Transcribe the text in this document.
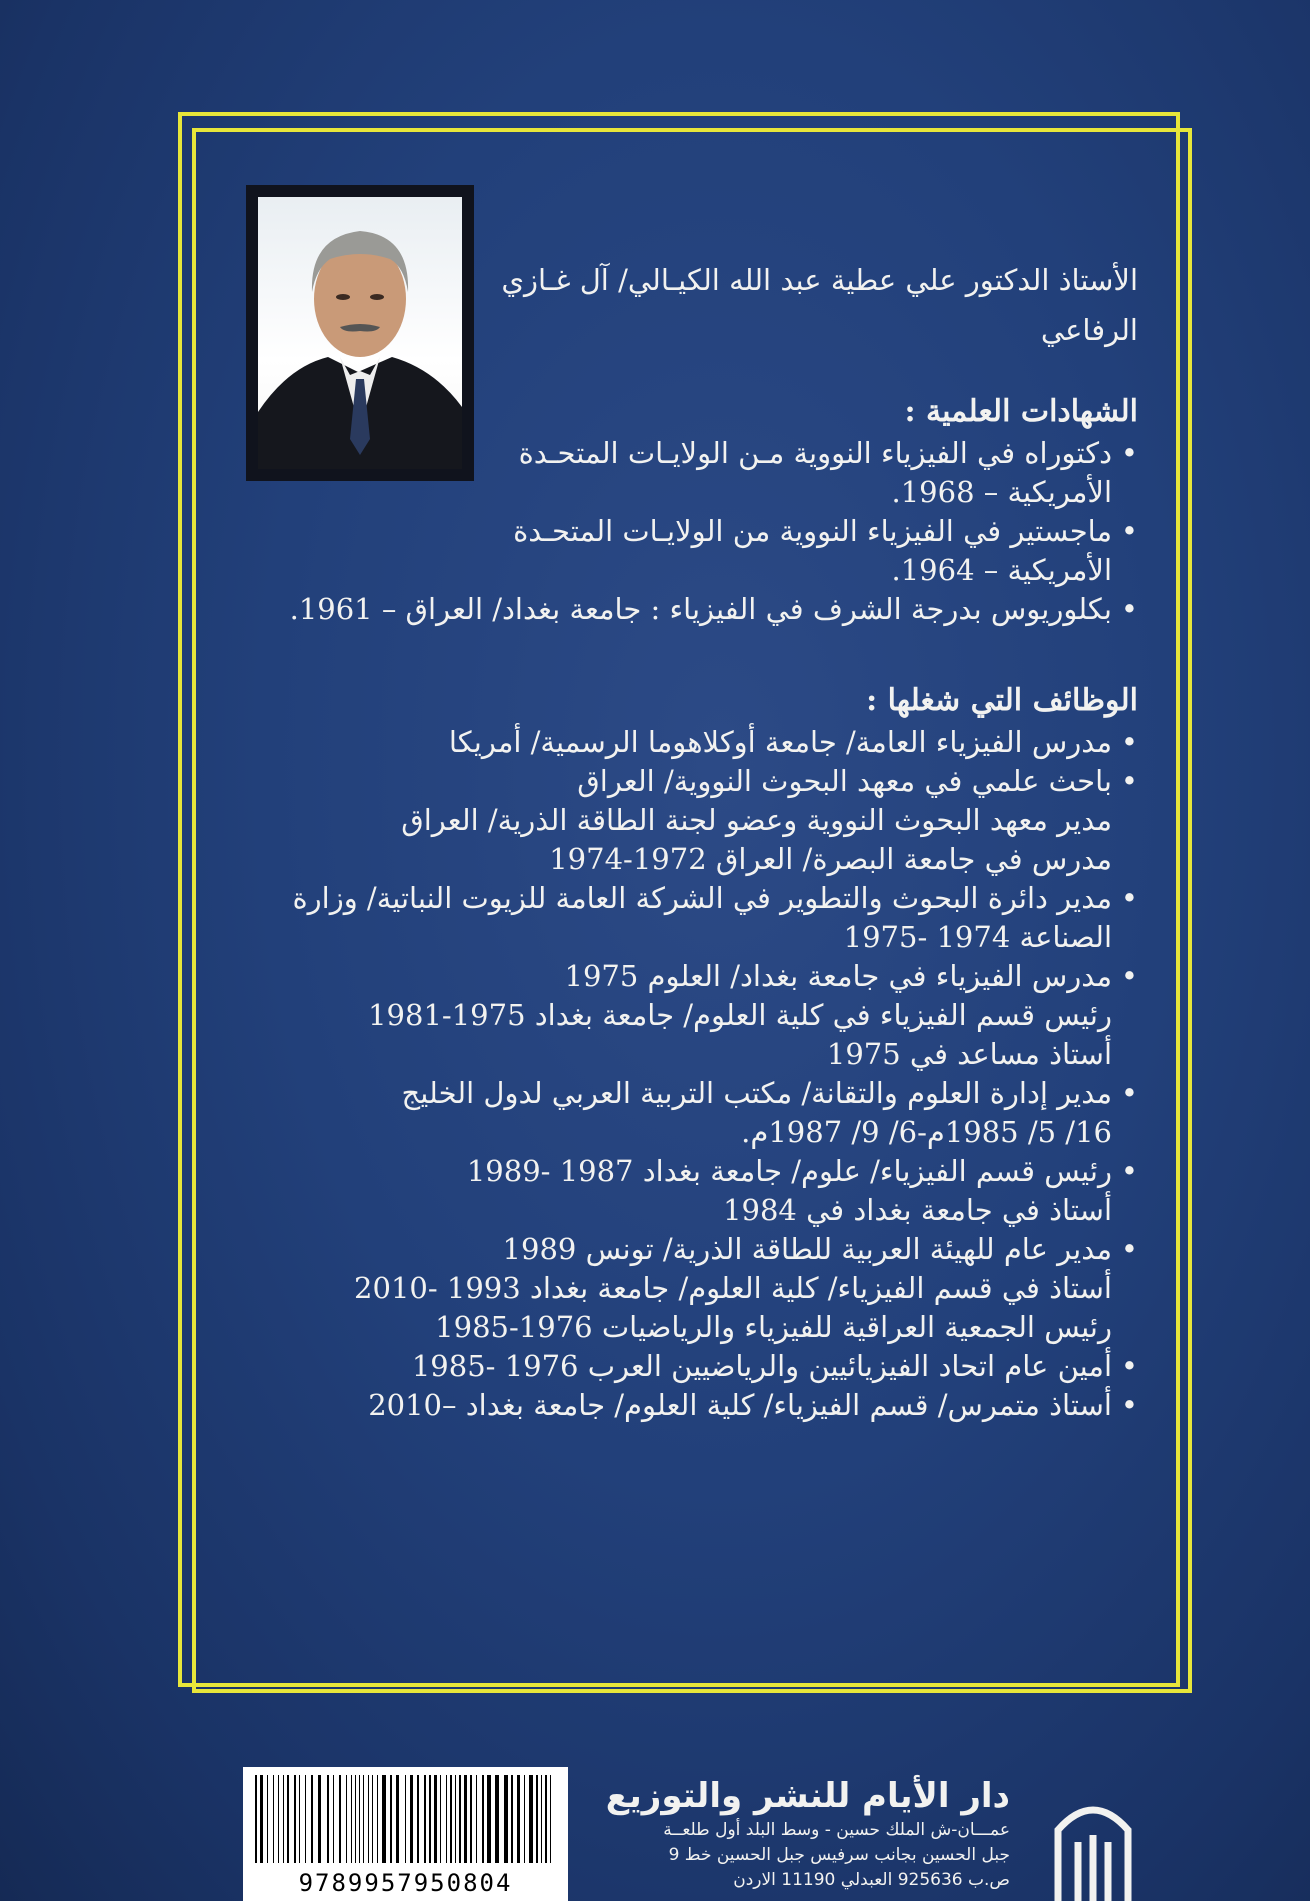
الأستاذ الدكتور علي عطية عبد الله الكيـالي/ آل غـازي
الرفاعي
الشهادات العلمية :
• دكتوراه في الفيزياء النووية مـن الولايـات المتحـدة
الأمريكية – 1968.
• ماجستير في الفيزياء النووية من الولايـات المتحـدة
الأمريكية – 1964.
• بكلوريوس بدرجة الشرف في الفيزياء : جامعة بغداد/ العراق – 1961.
الوظائف التي شغلها :
• مدرس الفيزياء العامة/ جامعة أوكلاهوما الرسمية/ أمريكا
• باحث علمي في معهد البحوث النووية/ العراق
مدير معهد البحوث النووية وعضو لجنة الطاقة الذرية/ العراق
مدرس في جامعة البصرة/ العراق 1972-1974
• مدير دائرة البحوث والتطوير في الشركة العامة للزيوت النباتية/ وزارة
الصناعة 1974 -1975
• مدرس الفيزياء في جامعة بغداد/ العلوم 1975
رئيس قسم الفيزياء في كلية العلوم/ جامعة بغداد 1975-1981
أستاذ مساعد في 1975
• مدير إدارة العلوم والتقانة/ مكتب التربية العربي لدول الخليج
16/ 5/ 1985م-6/ 9/ 1987م.
• رئيس قسم الفيزياء/ علوم/ جامعة بغداد 1987 -1989
أستاذ في جامعة بغداد في 1984
• مدير عام للهيئة العربية للطاقة الذرية/ تونس 1989
أستاذ في قسم الفيزياء/ كلية العلوم/ جامعة بغداد 1993 -2010
رئيس الجمعية العراقية للفيزياء والرياضيات 1976-1985
• أمين عام اتحاد الفيزيائيين والرياضيين العرب 1976 -1985
• أستاذ متمرس/ قسم الفيزياء/ كلية العلوم/ جامعة بغداد –2010
9789957950804
دار الأيام للنشر والتوزيع
عمـــان-ش الملك حسين - وسط البلد أول طلعــة
جبل الحسين بجانب سرفيس جبل الحسين خط 9
ص.ب 925636 العبدلي 11190 الاردن
